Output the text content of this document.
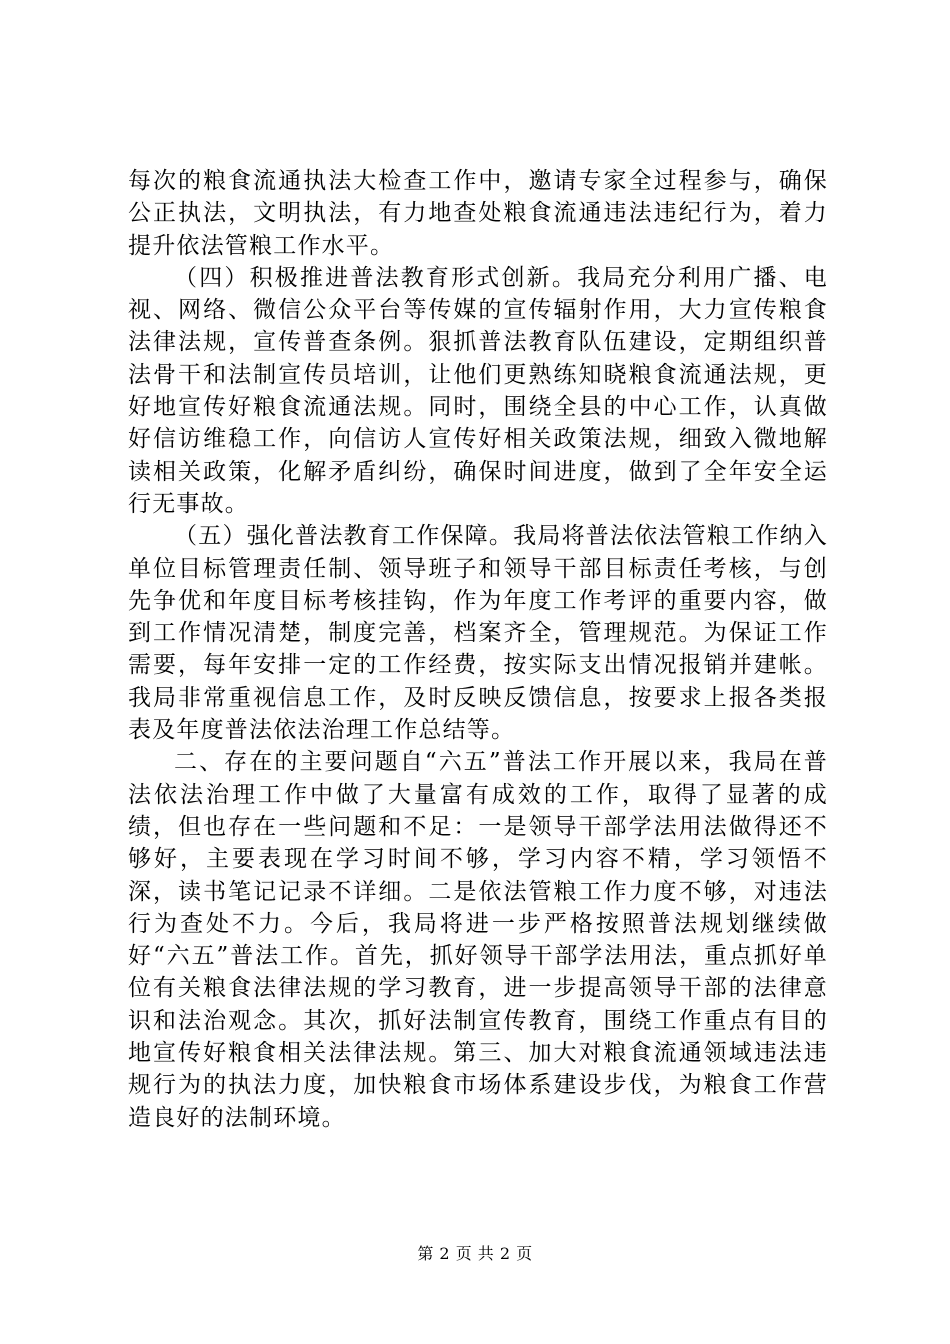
每次的粮食流通执法大检查工作中，邀请专家全过程参与，确保公正执法，文明执法，有力地查处粮食流通违法违纪行为，着力提升依法管粮工作水平。

（四）积极推进普法教育形式创新。我局充分利用广播、电视、网络、微信公众平台等传媒的宣传辐射作用，大力宣传粮食法律法规，宣传普查条例。狠抓普法教育队伍建设，定期组织普法骨干和法制宣传员培训，让他们更熟练知晓粮食流通法规，更好地宣传好粮食流通法规。同时，围绕全县的中心工作，认真做好信访维稳工作，向信访人宣传好相关政策法规，细致入微地解读相关政策，化解矛盾纠纷，确保时间进度，做到了全年安全运行无事故。

（五）强化普法教育工作保障。我局将普法依法管粮工作纳入单位目标管理责任制、领导班子和领导干部目标责任考核，与创先争优和年度目标考核挂钩，作为年度工作考评的重要内容，做到工作情况清楚，制度完善，档案齐全，管理规范。为保证工作需要，每年安排一定的工作经费，按实际支出情况报销并建帐。我局非常重视信息工作，及时反映反馈信息，按要求上报各类报表及年度普法依法治理工作总结等。

二、存在的主要问题自“六五”普法工作开展以来，我局在普法依法治理工作中做了大量富有成效的工作，取得了显著的成绩，但也存在一些问题和不足：一是领导干部学法用法做得还不够好，主要表现在学习时间不够，学习内容不精，学习领悟不深，读书笔记记录不详细。二是依法管粮工作力度不够，对违法行为查处不力。今后，我局将进一步严格按照普法规划继续做好“六五”普法工作。首先，抓好领导干部学法用法，重点抓好单位有关粮食法律法规的学习教育，进一步提高领导干部的法律意识和法治观念。其次，抓好法制宣传教育，围绕工作重点有目的地宣传好粮食相关法律法规。第三、加大对粮食流通领域违法违规行为的执法力度，加快粮食市场体系建设步伐，为粮食工作营造良好的法制环境。

第 2 页 共 2 页
